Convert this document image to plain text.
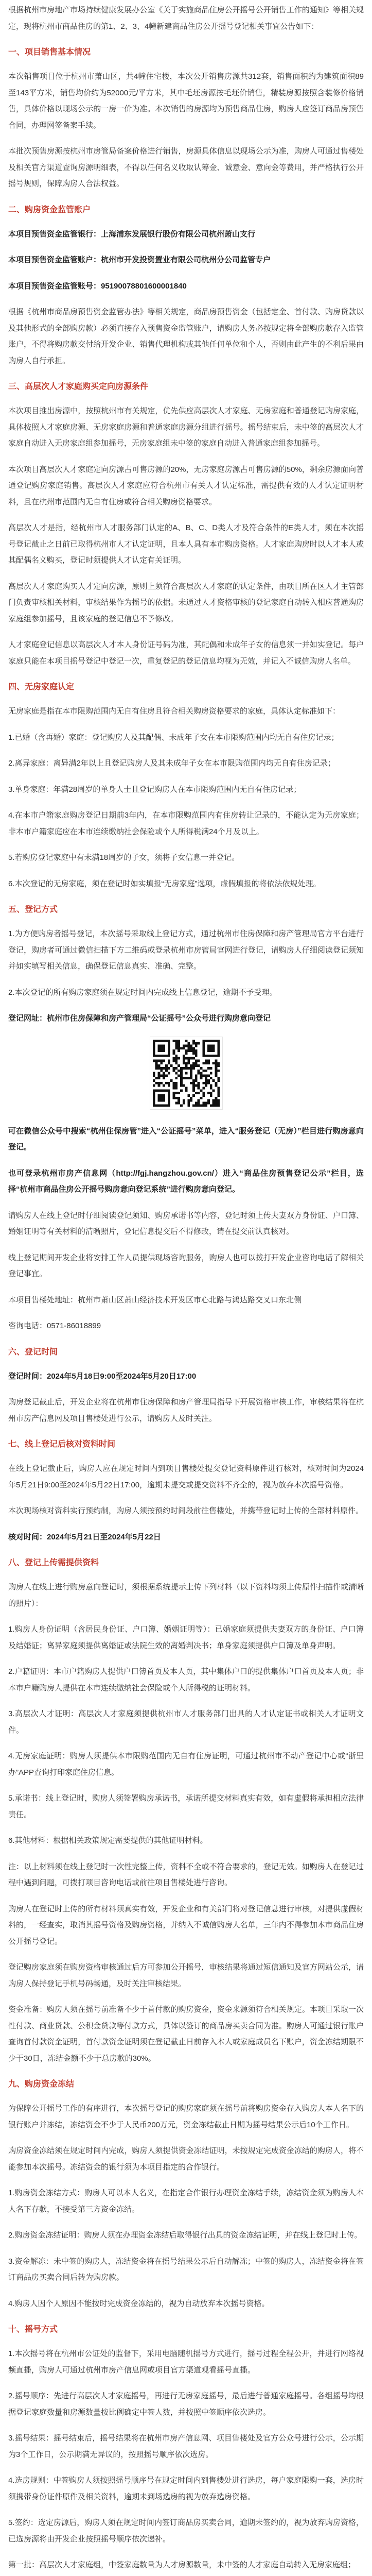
根据杭州市房地产市场持续健康发展办公室《关于实施商品住房公开摇号公开销售工作的通知》等相关规定，现将杭州市商品住房的第1、2、3、4幢新建商品住房公开摇号登记相关事宜公告如下：

一、项目销售基本情况

本次销售项目位于杭州市萧山区，共4幢住宅楼，本次公开销售房源共312套，销售面积约为建筑面积89至143平方米，销售均价约为52000元/平方米，其中毛坯房源按毛坯价销售，精装房源按照含装修价格销售，具体价格以现场公示的一房一价为准。本次销售的房源均为预售商品住房，购房人应签订商品房预售合同，办理网签备案手续。

本批次预售房源按杭州市房管局备案价格进行销售，房源具体信息以现场公示为准，购房人可通过售楼处及相关官方渠道查询房源明细表，不得以任何名义收取认筹金、诚意金、意向金等费用，并严格执行公开摇号规则，保障购房人合法权益。

二、购房资金监管账户

本项目预售资金监管银行：上海浦东发展银行股份有限公司杭州萧山支行

本项目预售资金监管账户：杭州市开发投资置业有限公司杭州分公司监管专户

本项目预售资金监管账号：95190078801600001840

根据《杭州市商品房预售资金监管办法》等相关规定，商品房预售资金（包括定金、首付款、购房贷款以及其他形式的全部购房款）必须直接存入预售资金监管账户，请购房人务必按规定将全部购房款存入监管账户，不得将购房款交付给开发企业、销售代理机构或其他任何单位和个人，否则由此产生的不利后果由购房人自行承担。

三、高层次人才家庭购买定向房源条件

本次项目推出房源中，按照杭州市有关规定，优先供应高层次人才家庭、无房家庭和普通登记购房家庭，具体按照人才家庭房源、无房家庭房源和普通家庭房源分组进行摇号。摇号结束后，未中签的高层次人才家庭自动进入无房家庭组参加摇号，无房家庭组未中签的家庭自动进入普通家庭组参加摇号。

本次项目高层次人才家庭定向房源占可售房源的20%，无房家庭房源占可售房源的50%，剩余房源面向普通登记购房家庭销售。高层次人才家庭应符合杭州市有关人才认定标准，需提供有效的人才认定证明材料，且在杭州市范围内无自有住房或符合相关购房资格要求。

高层次人才是指，经杭州市人才服务部门认定的A、B、C、D类人才及符合条件的E类人才，须在本次摇号登记截止之日前已取得杭州市人才认定证明，且本人具有本市购房资格。人才家庭购房时以人才本人或其配偶名义购买，登记时须提供人才认定有关证明。

高层次人才家庭购买人才定向房源，原则上须符合高层次人才家庭的认定条件，由项目所在区人才主管部门负责审核相关材料，审核结果作为摇号的依据。未通过人才资格审核的登记家庭自动转入相应普通购房家庭组参加摇号，且该家庭的登记信息不予修改。

人才家庭登记信息以高层次人才本人身份证号码为准，其配偶和未成年子女的信息须一并如实登记。每户家庭只能在本项目摇号登记中登记一次，重复登记的登记信息均视为无效，并记入不诚信购房人名单。

四、无房家庭认定

无房家庭是指在本市限购范围内无自有住房且符合相关购房资格要求的家庭，具体认定标准如下：

1.已婚（含再婚）家庭：登记购房人及其配偶、未成年子女在本市限购范围内均无自有住房记录；

2.离异家庭：离异满2年以上且登记购房人及其未成年子女在本市限购范围内均无自有住房记录；

3.单身家庭：年满28周岁的单身人士且登记购房人在本市限购范围内无自有住房记录；

4.在本市户籍家庭购房登记日期前3年内，在本市限购范围内有住房转让记录的，不能认定为无房家庭；非本市户籍家庭应在本市连续缴纳社会保险或个人所得税满24个月及以上。

5.若购房登记家庭中有未满18周岁的子女，须将子女信息一并登记。

6.本次登记的无房家庭，须在登记时如实填报“无房家庭”选项，虚假填报的将依法依规处理。

五、登记方式

1.为方便购房者摇号登记，本次摇号采取线上登记方式，通过杭州市住房保障和房产管理局官方平台进行登记，购房者可通过微信扫描下方二维码或登录杭州市房管局官网进行登记，请购房人仔细阅读登记须知并如实填写相关信息，确保登记信息真实、准确、完整。

2.本次登记的所有购房家庭须在规定时间内完成线上信息登记，逾期不予受理。

登记网址：杭州市住房保障和房产管理局“公证摇号”公众号进行购房意向登记

可在微信公众号中搜索“杭州住保房管”进入“公证摇号”菜单，进入“服务登记（无房）”栏目进行购房意向登记。

也可登录杭州市房产信息网（http://fgj.hangzhou.gov.cn/）进入“商品住房预售登记公示”栏目，选择“杭州市商品住房公开摇号购房意向登记系统”进行购房意向登记。

请购房人在线上登记时仔细阅读登记须知、购房承诺书等内容，登记时须上传夫妻双方身份证、户口簿、婚姻证明等有关材料的清晰照片，登记信息提交后不得修改，请在提交前认真核对。

线上登记期间开发企业将安排工作人员提供现场咨询服务，购房人也可以拨打开发企业咨询电话了解相关登记事宜。

本项目售楼处地址：杭州市萧山区萧山经济技术开发区市心北路与鸿达路交叉口东北侧

咨询电话：0571-86018899

六、登记时间

登记时间：2024年5月18日9:00至2024年5月20日17:00

购房登记截止后，开发企业将在杭州市住房保障和房产管理局指导下开展资格审核工作，审核结果将在杭州市房产信息网及项目售楼处进行公示，请购房人及时关注。

七、线上登记后核对资料时间

在线上登记截止后，购房人应在规定时间内到项目售楼处提交登记资料原件进行核对，核对时间为2024年5月21日9:00至2024年5月22日17:00，逾期未提交或提交资料不齐全的，视为放弃本次摇号资格。

本次现场核对资料实行预约制，购房人须按预约时间段前往售楼处，并携带登记时上传的全部材料原件。

核对时间：2024年5月21日至2024年5月22日

八、登记上传需提供资料

购房人在线上进行购房意向登记时，须根据系统提示上传下列材料（以下资料均须上传原件扫描件或清晰的照片）：

1.购房人身份证明（含居民身份证、户口簿、婚姻证明等）：已婚家庭须提供夫妻双方的身份证、户口簿及结婚证；离异家庭须提供离婚证或法院生效的离婚判决书；单身家庭须提供户口簿及单身声明。

2.户籍证明：本市户籍购房人提供户口簿首页及本人页，其中集体户口的提供集体户口首页及本人页；非本市户籍购房人提供在本市连续缴纳社会保险或个人所得税的证明材料。

3.高层次人才证明：高层次人才家庭须提供杭州市人才服务部门出具的人才认定证书或相关人才证明文件。

4.无房家庭证明：购房人须提供本市限购范围内无自有住房证明，可通过杭州市不动产登记中心或“浙里办”APP查询打印家庭住房信息。

5.承诺书：线上登记时，购房人须签署购房承诺书，承诺所提交材料真实有效，如有虚假将承担相应法律责任。

6.其他材料：根据相关政策规定需要提供的其他证明材料。

注：以上材料须在线上登记时一次性完整上传，资料不全或不符合要求的，登记无效。如购房人在登记过程中遇到问题，可拨打项目咨询电话或前往项目售楼处进行咨询。

购房人在登记时上传的所有材料须真实有效，开发企业和有关部门将对登记信息进行审核，对提供虚假材料的，一经查实，取消其摇号资格及购房资格，并纳入不诚信购房人名单，三年内不得参加本市商品住房公开摇号登记。

登记购房家庭须在购房资格审核通过后方可参加公开摇号，审核结果将通过短信通知及官方网站公示，请购房人保持登记手机号码畅通，及时关注审核结果。

资金准备：购房人须在摇号前准备不少于首付款的购房资金，资金来源须符合相关规定。本项目采取一次性付款、商业贷款、公积金贷款等付款方式，具体以签订的商品房买卖合同为准。购房人可通过银行账户查询首付款资金证明，首付款资金证明须在登记截止日前存入本人或家庭成员名下账户，资金冻结期限不少于30日，冻结金额不少于总房款的30%。

九、购房资金冻结

为保障公开摇号工作的有序进行，本次摇号登记的购房家庭须在摇号前将购房资金存入购房人本人名下的银行账户并冻结，冻结资金不少于人民币200万元，资金冻结截止日期为摇号结果公示后10个工作日。

购房资金冻结须在规定时间内完成，购房人须提供资金冻结证明，未按规定完成资金冻结的购房人，将不能参加本次摇号。冻结资金的银行须为本项目指定的合作银行。

1.购房资金冻结方式：购房人可以本人名义，在指定合作银行办理资金冻结手续，冻结资金须为购房人本人名下存款，不接受第三方资金冻结。

2.购房资金冻结证明：购房人须在办理资金冻结后取得银行出具的资金冻结证明，并在线上登记时上传。

3.资金解冻：未中签的购房人，冻结资金将在摇号结果公示后自动解冻；中签的购房人，冻结资金将在签订商品房买卖合同后转为购房款。

4.购房人因个人原因不能按时完成资金冻结的，视为自动放弃本次摇号资格。

十、摇号方式

1.本次摇号将在杭州市公证处的监督下，采用电脑随机摇号方式进行，摇号过程全程公开，并进行网络视频直播，购房人可通过杭州市房产信息网或项目官方渠道观看摇号直播。

2.摇号顺序：先进行高层次人才家庭摇号，再进行无房家庭摇号，最后进行普通家庭摇号。各组摇号均根据登记家庭数量和房源数量按比例确定中签人数，并按照中签顺序依次选房。

3.摇号结果：摇号结束后，摇号结果将在杭州市房产信息网、项目售楼处及官方公众号进行公示，公示期为3个工作日，公示期满无异议的，按照摇号顺序依次选房。

4.选房规则：中签购房人须按照摇号顺序号在规定时间内到售楼处进行选房，每户家庭限购一套，选房时须携带身份证件原件及相关资料，逾期未到场选房的视为放弃选房资格。

5.签约：选定房源后，购房人须在规定时间内签订商品房买卖合同，逾期未签约的，视为放弃购房资格，已选房源将由开发企业按照摇号顺序依次递补。

第一批：高层次人才家庭组，中签家庭数量为人才房源数量，未中签的人才家庭自动转入无房家庭组；
